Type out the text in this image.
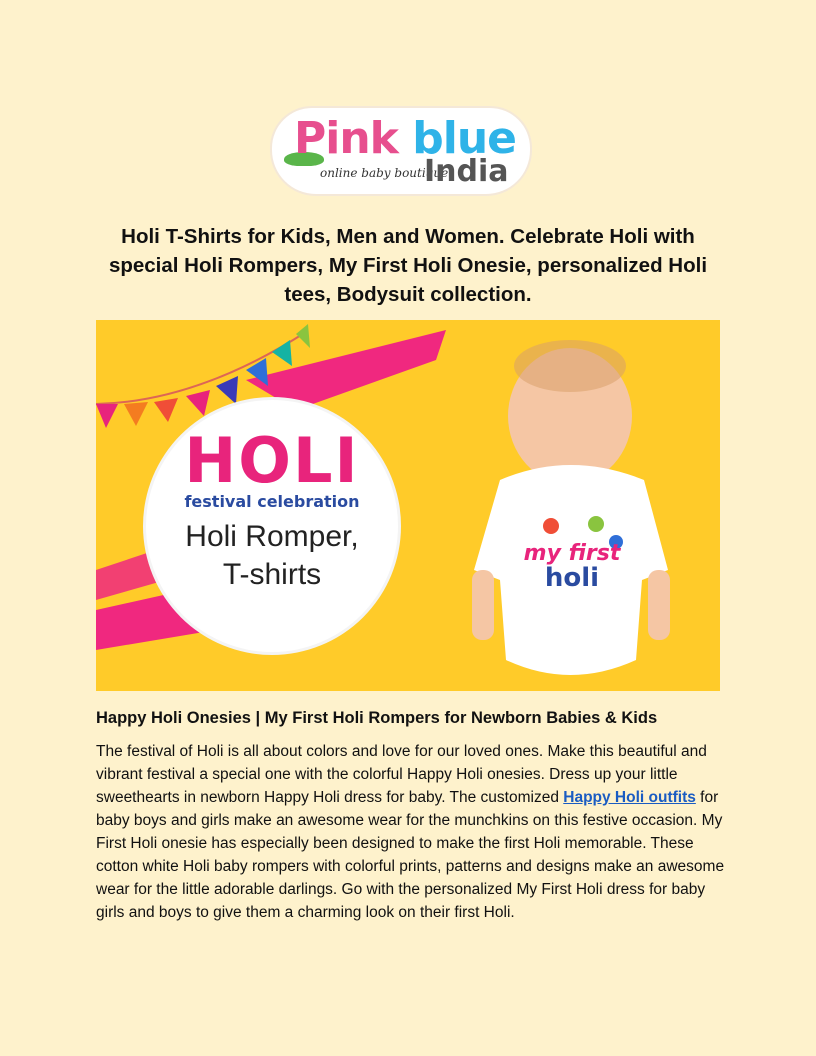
Pink blue
online baby boutique
India
Holi T-Shirts for Kids, Men and Women. Celebrate Holi with special Holi Rompers, My First Holi Onesie, personalized Holi tees, Bodysuit collection.
my first
holi
HOLI
festival celebration
Holi Romper,
T-shirts
Happy Holi Onesies | My First Holi Rompers for Newborn Babies & Kids
The festival of Holi is all about colors and love for our loved ones. Make this beautiful and vibrant festival a special one with the colorful Happy Holi onesies. Dress up your little sweethearts in newborn Happy Holi dress for baby. The customized Happy Holi outfits for baby boys and girls make an awesome wear for the munchkins on this festive occasion. My First Holi onesie has especially been designed to make the first Holi memorable. These cotton white Holi baby rompers with colorful prints, patterns and designs make an awesome wear for the little adorable darlings. Go with the personalized My First Holi dress for baby girls and boys to give them a charming look on their first Holi.
